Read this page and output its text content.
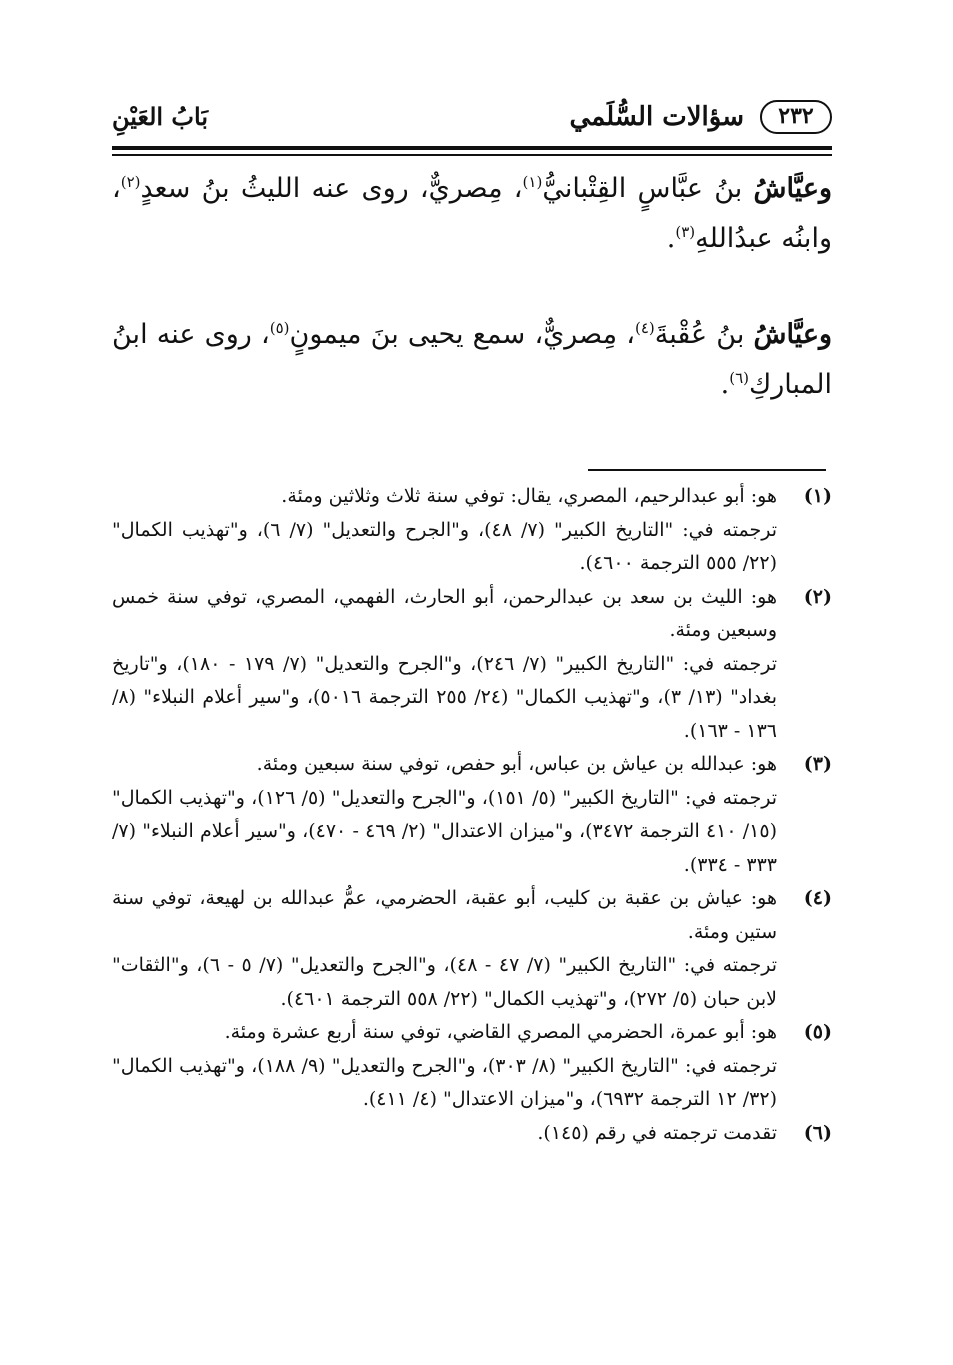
٢٣٢
سؤالات السُّلَمي
بَابُ العَيْنِ

وعيَّاشُ بنُ عبَّاسٍ القِتْبانيُّ$^{(١)}$، مِصريٌّ، روى عنه الليثُ بنُ سعدٍ$^{(٢)}$، وابنُه عبدُاللهِ$^{(٣)}$.

وعيَّاشُ بنُ عُقْبةَ$^{(٤)}$، مِصريٌّ، سمع يحيى بنَ ميمونٍ$^{(٥)}$، روى عنه ابنُ المباركِ$^{(٦)}$.

(١)
هو: أبو عبدالرحيم، المصري، يقال: توفي سنة ثلاث وثلاثين ومئة.
ترجمته في: "التاريخ الكبير" (٧/ ٤٨)، و"الجرح والتعديل" (٧/ ٦)، و"تهذيب الكمال" (٢٢/ ٥٥٥ الترجمة ٤٦٠٠).
(٢)
هو: الليث بن سعد بن عبدالرحمن، أبو الحارث، الفهمي، المصري، توفي سنة خمس وسبعين ومئة.
ترجمته في: "التاريخ الكبير" (٧/ ٢٤٦)، و"الجرح والتعديل" (٧/ ١٧٩ - ١٨٠)، و"تاريخ بغداد" (١٣/ ٣)، و"تهذيب الكمال" (٢٤/ ٢٥٥ الترجمة ٥٠١٦)، و"سير أعلام النبلاء" (٨/ ١٣٦ - ١٦٣).
(٣)
هو: عبدالله بن عياش بن عباس، أبو حفص، توفي سنة سبعين ومئة.
ترجمته في: "التاريخ الكبير" (٥/ ١٥١)، و"الجرح والتعديل" (٥/ ١٢٦)، و"تهذيب الكمال" (١٥/ ٤١٠ الترجمة ٣٤٧٢)، و"ميزان الاعتدال" (٢/ ٤٦٩ - ٤٧٠)، و"سير أعلام النبلاء" (٧/ ٣٣٣ - ٣٣٤).
(٤)
هو: عياش بن عقبة بن كليب، أبو عقبة، الحضرمي، عمُّ عبدالله بن لهيعة، توفي سنة ستين ومئة.
ترجمته في: "التاريخ الكبير" (٧/ ٤٧ - ٤٨)، و"الجرح والتعديل" (٧/ ٥ - ٦)، و"الثقات" لابن حبان (٥/ ٢٧٢)، و"تهذيب الكمال" (٢٢/ ٥٥٨ الترجمة ٤٦٠١).
(٥)
هو: أبو عمرة، الحضرمي المصري القاضي، توفي سنة أربع عشرة ومئة.
ترجمته في: "التاريخ الكبير" (٨/ ٣٠٣)، و"الجرح والتعديل" (٩/ ١٨٨)، و"تهذيب الكمال" (٣٢/ ١٢ الترجمة ٦٩٣٢)، و"ميزان الاعتدال" (٤/ ٤١١).
(٦)
تقدمت ترجمته في رقم (١٤٥).
